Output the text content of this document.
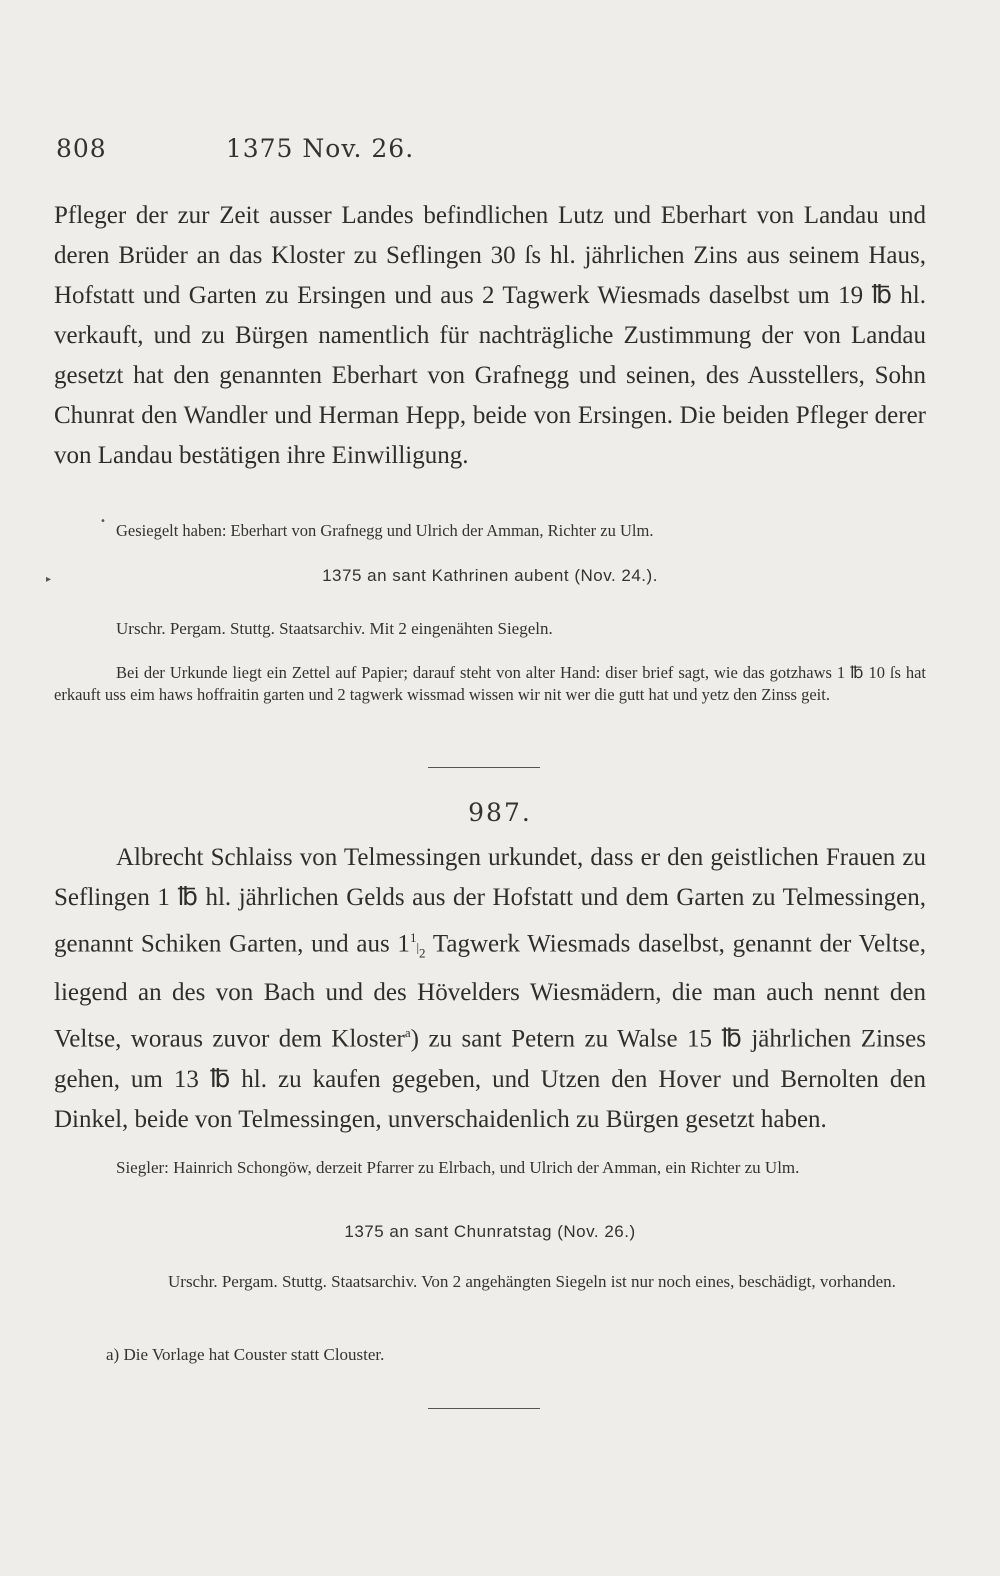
808	1375 Nov. 26.
Pfleger der zur Zeit ausser Landes befindlichen Lutz und Eberhart von Landau und deren Brüder an das Kloster zu Seflingen 30 ſs hl. jährlichen Zins aus seinem Haus, Hofstatt und Garten zu Ersingen und aus 2 Tagwerk Wiesmads daselbst um 19 ℔ hl. verkauft, und zu Bürgen namentlich für nachträgliche Zustimmung der von Landau gesetzt hat den genannten Eberhart von Grafnegg und seinen, des Ausstellers, Sohn Chunrat den Wandler und Herman Hepp, beide von Ersingen. Die beiden Pfleger derer von Landau bestätigen ihre Einwilligung.
• Gesiegelt haben: Eberhart von Grafnegg und Ulrich der Amman, Richter zu Ulm.
▸	1375 an sant Kathrinen aubent (Nov. 24.).
Urschr. Pergam. Stuttg. Staatsarchiv. Mit 2 eingenähten Siegeln.
Bei der Urkunde liegt ein Zettel auf Papier; darauf steht von alter Hand: diser brief sagt, wie das gotzhaws 1 ℔ 10 ſs hat erkauft uss eim haws hoffraitin garten und 2 tagwerk wissmad wissen wir nit wer die gutt hat und yetz den Zinss geit.
987.
Albrecht Schlaiss von Telmessingen urkundet, dass er den geistlichen Frauen zu Seflingen 1 ℔ hl. jährlichen Gelds aus der Hofstatt und dem Garten zu Telmessingen, genannt Schiken Garten, und aus $1^1|_2$ Tagwerk Wiesmads daselbst, genannt der Veltse, liegend an des von Bach und des Hövelders Wiesmädern, die man auch nennt den Veltse, woraus zuvor dem Kloster$^a$) zu sant Petern zu Walse 15 ℔ jährlichen Zinses gehen, um 13 ℔ hl. zu kaufen gegeben, und Utzen den Hover und Bernolten den Dinkel, beide von Telmessingen, unverschaidenlich zu Bürgen gesetzt haben.
Siegler: Hainrich Schongöw, derzeit Pfarrer zu Elrbach, und Ulrich der Amman, ein Richter zu Ulm.
1375 an sant Chunratstag (Nov. 26.)
Urschr. Pergam. Stuttg. Staatsarchiv. Von 2 angehängten Siegeln ist nur noch eines, beschädigt, vorhanden.
a) Die Vorlage hat Couster statt Clouster.
